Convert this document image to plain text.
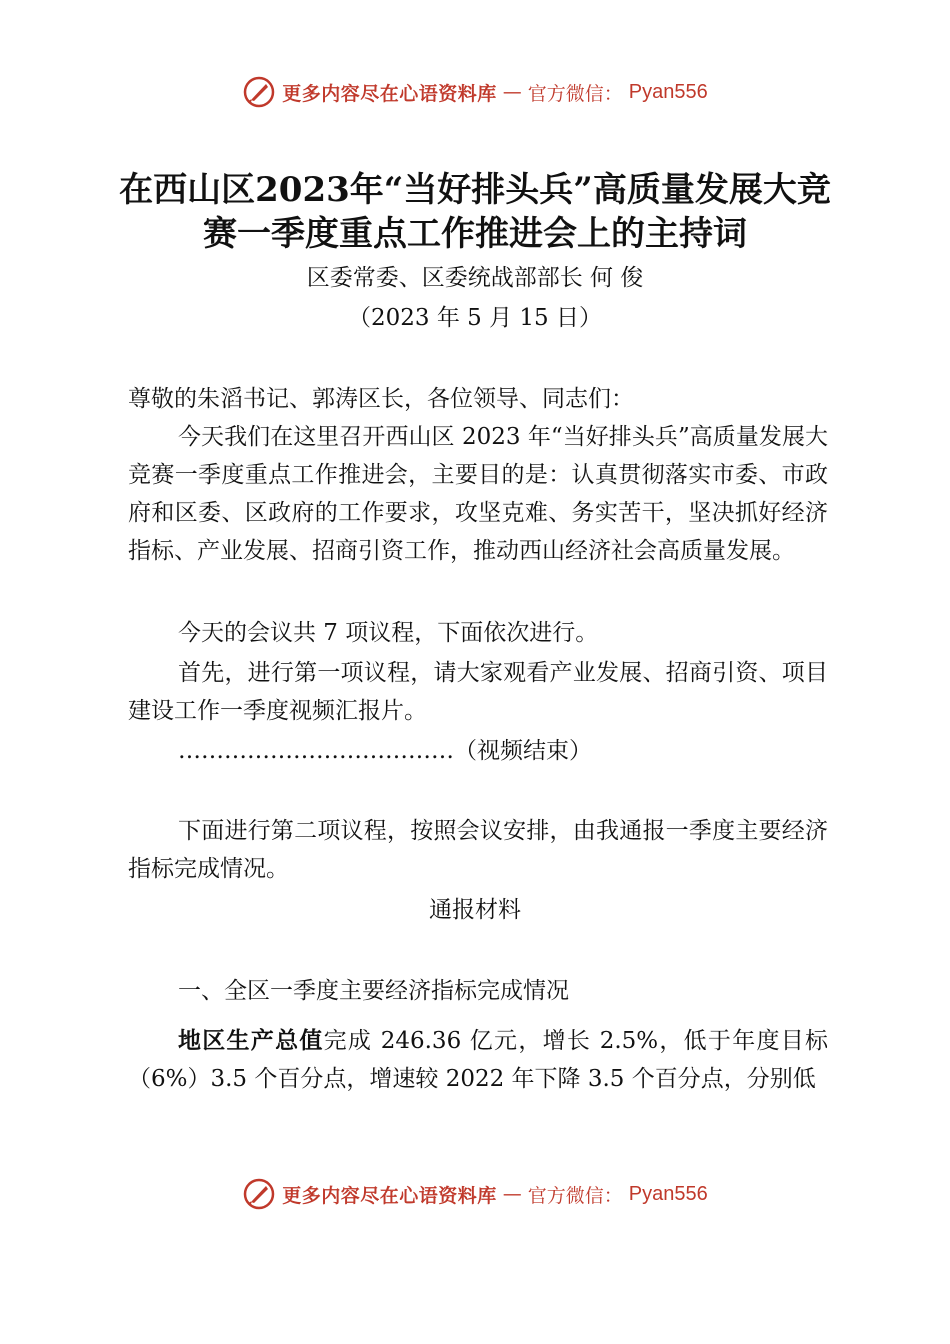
更多内容尽在心语资料库 — 官方微信： Pyan556
在西山区2023年“当好排头兵”高质量发展大竞
赛一季度重点工作推进会上的主持词
区委常委、区委统战部部长 何 俊
（2023 年 5 月 15 日）
尊敬的朱滔书记、郭涛区长，各位领导、同志们：
今天我们在这里召开西山区 2023 年“当好排头兵”高质量发展大竞赛一季度重点工作推进会，主要目的是：认真贯彻落实市委、市政府和区委、区政府的工作要求，攻坚克难、务实苦干，坚决抓好经济指标、产业发展、招商引资工作，推动西山经济社会高质量发展。
今天的会议共 7 项议程，下面依次进行。
首先，进行第一项议程，请大家观看产业发展、招商引资、项目建设工作一季度视频汇报片。
………………………………（视频结束）
下面进行第二项议程，按照会议安排，由我通报一季度主要经济指标完成情况。
通报材料
一、全区一季度主要经济指标完成情况
地区生产总值完成 246.36 亿元，增长 2.5%，低于年度目标（6%）3.5 个百分点，增速较 2022 年下降 3.5 个百分点，分别低
更多内容尽在心语资料库 — 官方微信： Pyan556
